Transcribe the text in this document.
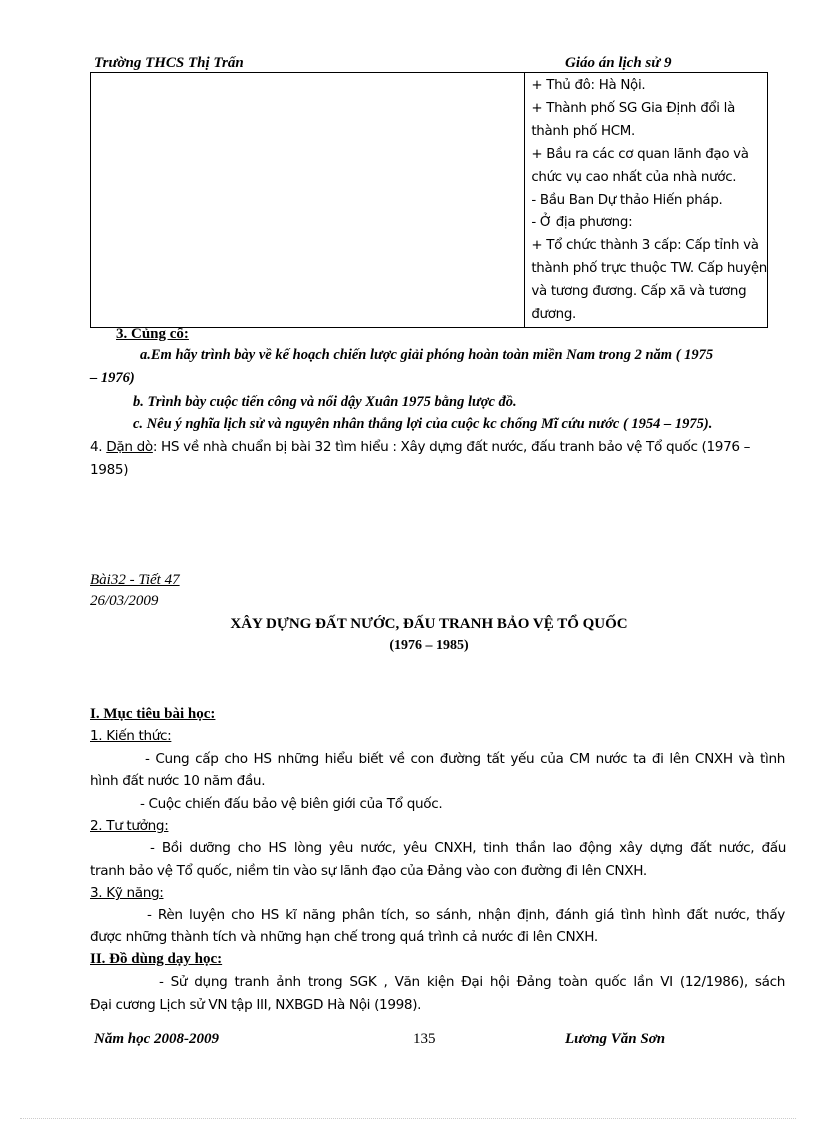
Trường THCS Thị Trấn	Giáo án lịch sử 9

+ Thủ đô: Hà Nội.
+ Thành phố SG Gia Định đổi là
thành phố HCM.
+ Bầu ra các cơ quan lãnh đạo và
chức vụ cao nhất của nhà nước.
- Bầu Ban Dự thảo Hiến pháp.
- Ở địa phương:
+ Tổ chức thành 3 cấp: Cấp tỉnh và
thành phố trực thuộc TW. Cấp huyện
và tương đương. Cấp xã và tương
đương.
3. Củng cố:
a.Em hãy trình bày về kế hoạch chiến lược giải phóng hoàn toàn miền Nam trong 2 năm ( 1975
– 1976)
b. Trình bày cuộc tiến công và nổi dậy Xuân 1975 bằng lược đồ.
c. Nêu ý nghĩa lịch sử và nguyên nhân thắng lợi của cuộc kc chống Mĩ cứu nước ( 1954 – 1975).
4. Dặn dò: HS về nhà chuẩn bị bài 32 tìm hiểu : Xây dựng đất nước, đấu tranh bảo vệ Tổ quốc (1976 –
1985)
Bài32 - Tiết 47
26/03/2009
XÂY DỰNG ĐẤT NƯỚC, ĐẤU TRANH BẢO VỆ TỔ QUỐC
(1976 – 1985)
I. Mục tiêu bài học:
1. Kiến thức:
- Cung cấp cho HS những hiểu biết về con đường tất yếu của CM nước ta đi lên CNXH và tình
hình đất nước 10 năm đầu.
- Cuộc chiến đấu bảo vệ biên giới của Tổ quốc.
2. Tư tưởng:
- Bồi dưỡng cho HS lòng yêu nước, yêu CNXH, tinh thần lao động xây dựng đất nước, đấu
tranh bảo vệ Tổ quốc, niềm tin vào sự lãnh đạo của Đảng vào con đường đi lên CNXH.
3. Kỹ năng:
- Rèn luyện cho HS kĩ năng phân tích, so sánh, nhận định, đánh giá tình hình đất nước, thấy
được những thành tích và những hạn chế trong quá trình cả nước đi lên CNXH.
II. Đồ dùng dạy học:
- Sử dụng tranh ảnh trong SGK , Văn kiện Đại hội Đảng toàn quốc lần VI (12/1986), sách
Đại cương Lịch sử VN tập III, NXBGD Hà Nội (1998).
Năm học 2008-2009	135	Lương Văn Sơn
